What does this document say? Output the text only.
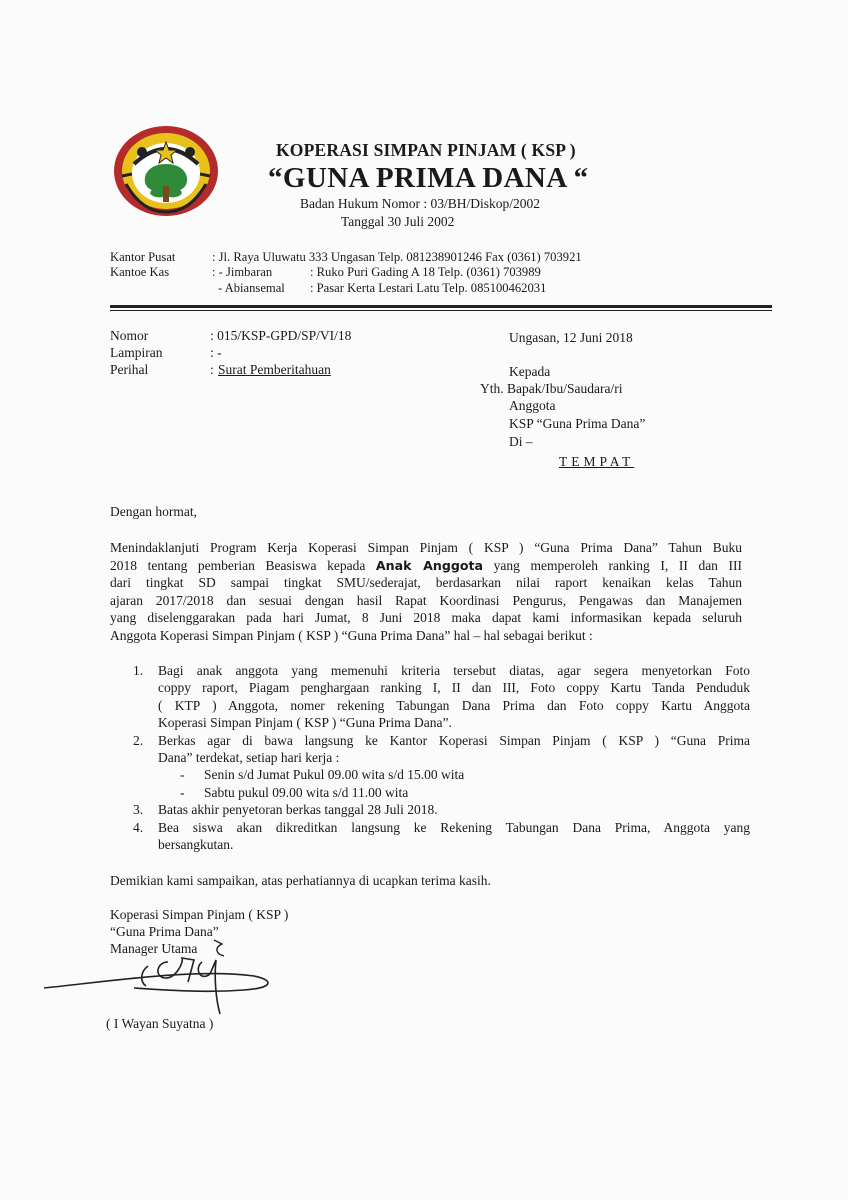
KOPERASI SIMPAN PINJAM ( KSP )
“GUNA PRIMA DANA “
Badan Hukum Nomor : 03/BH/Diskop/2002
Tanggal 30 Juli 2002
Kantor Pusat	: Jl. Raya Uluwatu 333 Ungasan Telp. 081238901246 Fax (0361) 703921
Kantoe Kas	: - Jimbaran	: Ruko Puri Gading A 18 Telp. (0361) 703989
- Abiansemal : Pasar Kerta Lestari Latu Telp. 085100462031
Nomor	: 015/KSP-GPD/SP/VI/18
Lampiran	: -
Perihal	: Surat Pemberitahuan
Ungasan, 12 Juni 2018
Kepada
Yth. Bapak/Ibu/Saudara/ri
Anggota
KSP “Guna Prima Dana”
Di –
TEMPAT
Dengan hormat,
Menindaklanjuti Program Kerja Koperasi Simpan Pinjam ( KSP ) “Guna Prima Dana” Tahun Buku
2018 tentang pemberian Beasiswa kepada Anak Anggota yang memperoleh ranking I, II dan III
dari tingkat SD sampai tingkat SMU/sederajat, berdasarkan nilai raport kenaikan kelas Tahun
ajaran 2017/2018 dan sesuai dengan hasil Rapat Koordinasi Pengurus, Pengawas dan Manajemen
yang diselenggarakan pada hari Jumat, 8 Juni 2018 maka dapat kami informasikan kepada seluruh
Anggota Koperasi Simpan Pinjam ( KSP ) “Guna Prima Dana” hal – hal sebagai berikut :
1. Bagi anak anggota yang memenuhi kriteria tersebut diatas, agar segera menyetorkan Foto
coppy raport, Piagam penghargaan ranking I, II dan III, Foto coppy Kartu Tanda Penduduk
( KTP ) Anggota, nomer rekening Tabungan Dana Prima dan Foto coppy Kartu Anggota
Koperasi Simpan Pinjam ( KSP ) “Guna Prima Dana”.
2. Berkas agar di bawa langsung ke Kantor Koperasi Simpan Pinjam ( KSP ) “Guna Prima
Dana” terdekat, setiap hari kerja :
- Senin s/d Jumat Pukul 09.00 wita s/d 15.00 wita
- Sabtu pukul 09.00 wita s/d 11.00 wita
3. Batas akhir penyetoran berkas tanggal 28 Juli 2018.
4. Bea siswa akan dikreditkan langsung ke Rekening Tabungan Dana Prima, Anggota yang
bersangkutan.
Demikian kami sampaikan, atas perhatiannya di ucapkan terima kasih.
Koperasi Simpan Pinjam ( KSP )
“Guna Prima Dana”
Manager Utama
( I Wayan Suyatna )
